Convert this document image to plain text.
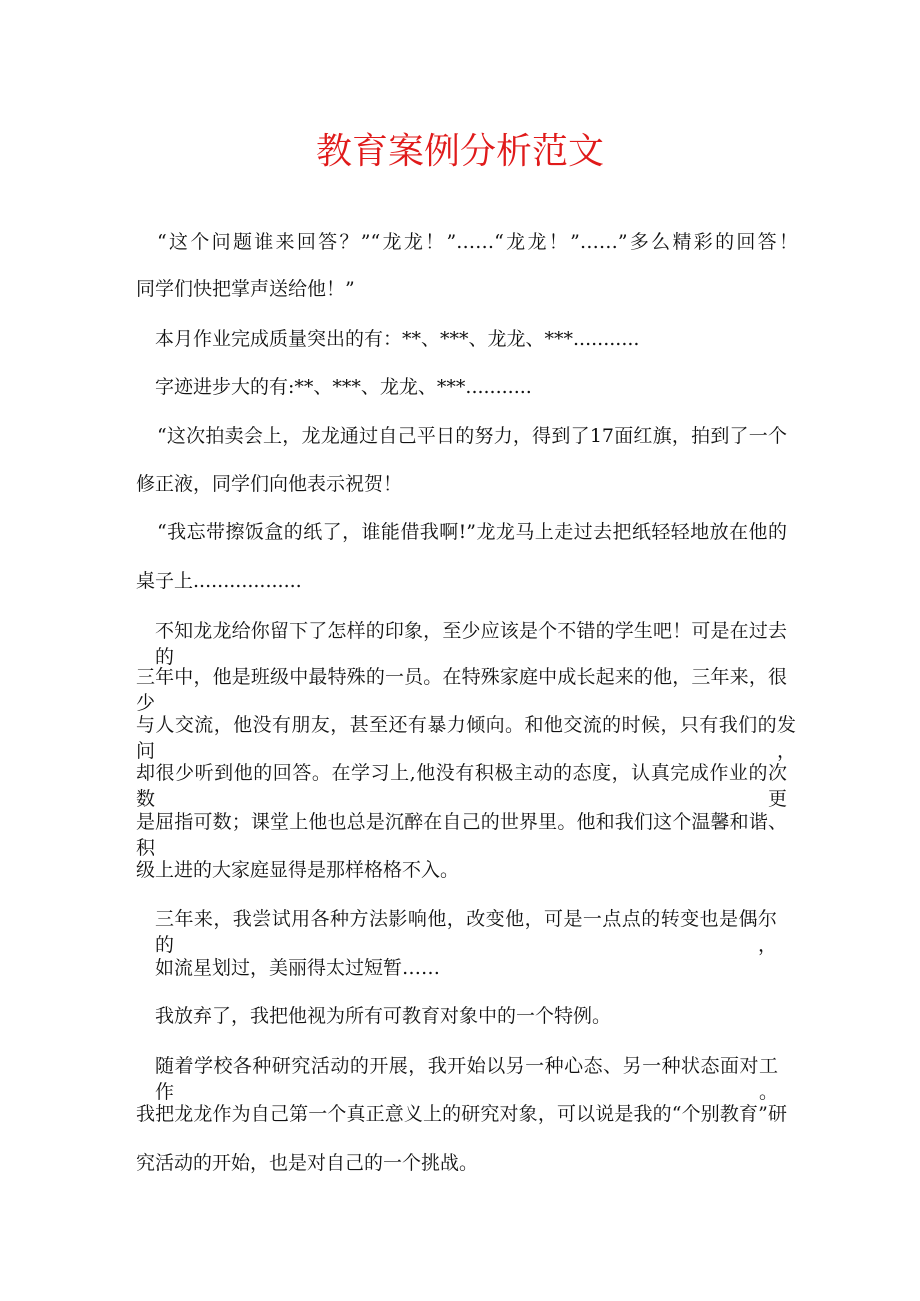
教育案例分析范文

“这个问题谁来回答？”“龙龙！”……“龙龙！”……”多么精彩的回答！

同学们快把掌声送给他！”

本月作业完成质量突出的有：**、***、龙龙、***...........

字迹进步大的有:**、***、龙龙、***...........

“这次拍卖会上，龙龙通过自己平日的努力，得到了17面红旗，拍到了一个

修正液，同学们向他表示祝贺！

“我忘带擦饭盒的纸了，谁能借我啊!”龙龙马上走过去把纸轻轻地放在他的

桌子上..................

不知龙龙给你留下了怎样的印象，至少应该是个不错的学生吧！可是在过去的

三年中，他是班级中最特殊的一员。在特殊家庭中成长起来的他，三年来，很少

与人交流，他没有朋友，甚至还有暴力倾向。和他交流的时候，只有我们的发问，

却很少听到他的回答。在学习上,他没有积极主动的态度，认真完成作业的次数更

是屈指可数；课堂上他也总是沉醉在自己的世界里。他和我们这个温馨和谐、积

级上进的大家庭显得是那样格格不入。

三年来，我尝试用各种方法影响他，改变他，可是一点点的转变也是偶尔的，

如流星划过，美丽得太过短暂……

我放弃了，我把他视为所有可教育对象中的一个特例。

随着学校各种研究活动的开展，我开始以另一种心态、另一种状态面对工作。

我把龙龙作为自己第一个真正意义上的研究对象，可以说是我的“个别教育”研

究活动的开始，也是对自己的一个挑战。
